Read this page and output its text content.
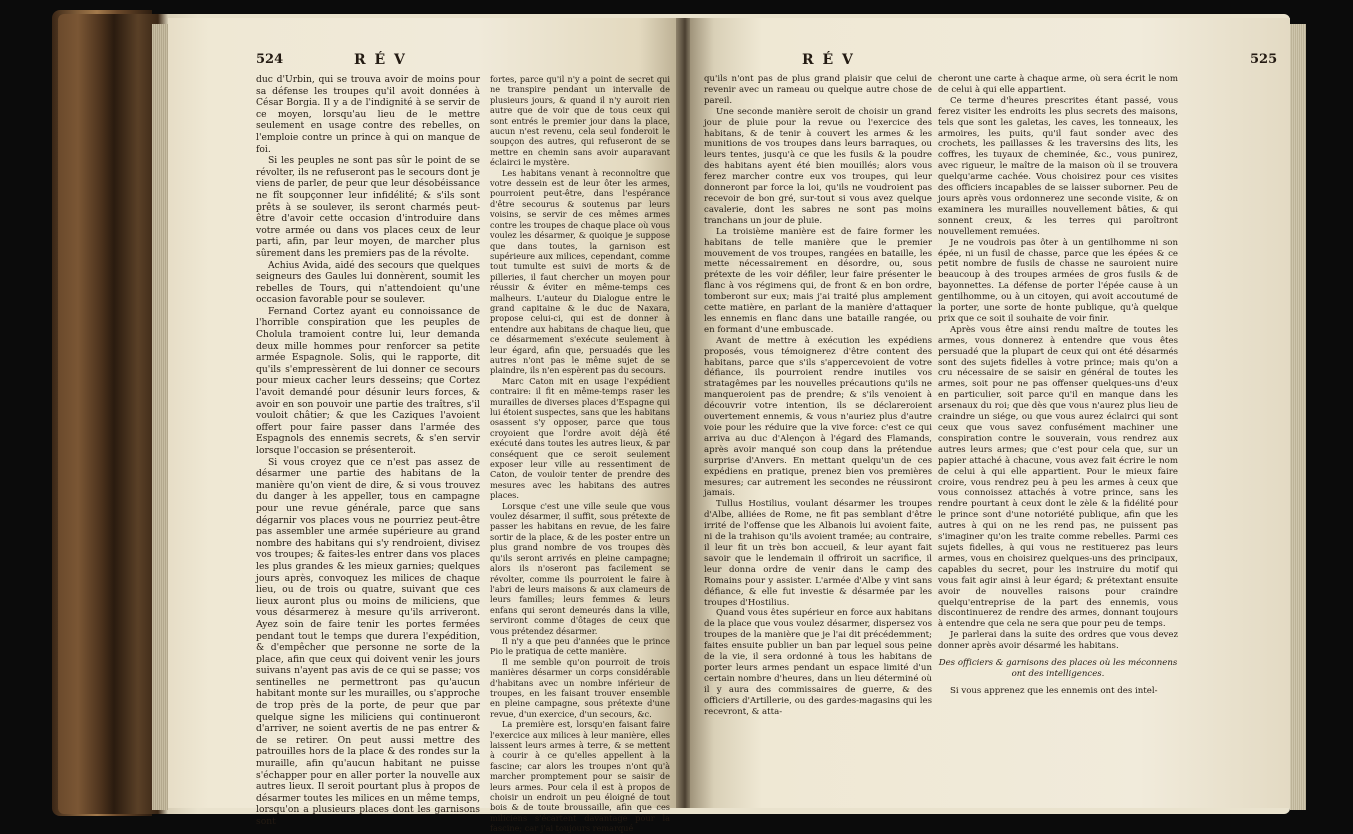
524	R É V

duc d'Urbin, qui se trouva avoir de moins pour sa défense les troupes qu'il avoit données à César Borgia. Il y a de l'indignité à se servir de ce moyen, lorsqu'au lieu de le mettre seulement en usage contre des rebelles, on l'emploie contre un prince à qui on manque de foi.

Si les peuples ne sont pas sûr le point de se révolter, ils ne refuseront pas le secours dont je viens de parler, de peur que leur désobéissance ne fît soupçonner leur infidélité; & s'ils sont prêts à se soulever, ils seront charmés peut-être d'avoir cette occasion d'introduire dans votre armée ou dans vos places ceux de leur parti, afin, par leur moyen, de marcher plus sûrement dans les premiers pas de la révolte.

Achius Avida, aidé des secours que quelques seigneurs des Gaules lui donnèrent, soumit les rebelles de Tours, qui n'attendoient qu'une occasion favorable pour se soulever.

Fernand Cortez ayant eu connoissance de l'horrible conspiration que les peuples de Cholula tramoient contre lui, leur demanda deux mille hommes pour renforcer sa petite armée Espagnole. Solis, qui le rapporte, dit qu'ils s'empressèrent de lui donner ce secours pour mieux cacher leurs desseins; que Cortez l'avoit demandé pour désunir leurs forces, & avoir en son pouvoir une partie des traîtres, s'il vouloit châtier; & que les Caziques l'avoient offert pour faire passer dans l'armée des Espagnols des ennemis secrets, & s'en servir lorsque l'occasion se présenteroit.

Si vous croyez que ce n'est pas assez de désarmer une partie des habitans de la manière qu'on vient de dire, & si vous trouvez du danger à les appeller, tous en campagne pour une revue générale, parce que sans dégarnir vos places vous ne pourriez peut-être pas assembler une armée supérieure au grand nombre des habitans qui s'y rendroient, divisez vos troupes; & faites-les entrer dans vos places les plus grandes & les mieux garnies; quelques jours après, convoquez les milices de chaque lieu, ou de trois ou quatre, suivant que ces lieux auront plus ou moins de miliciens, que vous désarmerez à mesure qu'ils arriveront. Ayez soin de faire tenir les portes fermées pendant tout le temps que durera l'expédition, & d'empêcher que personne ne sorte de la place, afin que ceux qui doivent venir les jours suivans n'ayent pas avis de ce qui se passe; vos sentinelles ne permettront pas qu'aucun habitant monte sur les murailles, ou s'approche de trop près de la porte, de peur que par quelque signe les miliciens qui continueront d'arriver, ne soient avertis de ne pas entrer & de se retirer. On peut aussi mettre des patrouilles hors de la place & des rondes sur la muraille, afin qu'aucun habitant ne puisse s'échapper pour en aller porter la nouvelle aux autres lieux. Il seroit pourtant plus à propos de désarmer toutes les milices en un même temps, lorsqu'on a plusieurs places dont les garnisons sont

fortes, parce qu'il n'y a point de secret qui ne transpire pendant un intervalle de plusieurs jours, & quand il n'y auroit rien autre que de voir que de tous ceux qui sont entrés le premier jour dans la place, aucun n'est revenu, cela seul fonderoit le soupçon des autres, qui refuseront de se mettre en chemin sans avoir auparavant éclairci le mystère.

Les habitans venant à reconnoître que votre dessein est de leur ôter les armes, pourroient peut-être, dans l'espérance d'être secourus & soutenus par leurs voisins, se servir de ces mêmes armes contre les troupes de chaque place où vous voulez les désarmer, & quoique je suppose que dans toutes, la garnison est supérieure aux milices, cependant, comme tout tumulte est suivi de morts & de pilleries, il faut chercher un moyen pour réussir & éviter en même-temps ces malheurs. L'auteur du Dialogue entre le grand capitaine & le duc de Naxara, propose celui-ci, qui est de donner à entendre aux habitans de chaque lieu, que ce désarmement s'exécute seulement à leur égard, afin que, persuadés que les autres n'ont pas le même sujet de se plaindre, ils n'en espèrent pas du secours.

Marc Caton mit en usage l'expédient contraire: il fit en même-temps raser les murailles de diverses places d'Espagne qui lui étoient suspectes, sans que les habitans osassent s'y opposer, parce que tous croyoient que l'ordre avoit déjà été exécuté dans toutes les autres lieux, & par conséquent que ce seroit seulement exposer leur ville au ressentiment de Caton, de vouloir tenter de prendre des mesures avec les habitans des autres places.

Lorsque c'est une ville seule que vous voulez désarmer, il suffit, sous prétexte de passer les habitans en revue, de les faire sortir de la place, & de les poster entre un plus grand nombre de vos troupes dès qu'ils seront arrivés en pleine campagne; alors ils n'oseront pas facilement se révolter, comme ils pourroient le faire à l'abri de leurs maisons & aux clameurs de leurs familles; leurs femmes & leurs enfans qui seront demeurés dans la ville, serviront comme d'ôtages de ceux que vous prétendez désarmer.

Il n'y a que peu d'années que le prince Pio le pratiqua de cette manière.

Il me semble qu'on pourroit de trois manières désarmer un corps considérable d'habitans avec un nombre inférieur de troupes, en les faisant trouver ensemble en pleine campagne, sous prétexte d'une revue, d'un exercice, d'un secours, &c.

La première est, lorsqu'en faisant faire l'exercice aux milices à leur manière, elles laissent leurs armes à terre, & se mettent à courir à ce qu'elles appellent à la fascine; car alors les troupes n'ont qu'à marcher promptement pour se saisir de leurs armes. Pour cela il est à propos de choisir un endroit un peu éloigné de tout bois & de toute broussaille, afin que ces miliciens s'écartent davantage pour la fascine; car j'ai toujours remarqué

R É V	525

qu'ils n'ont pas de plus grand plaisir que celui de revenir avec un rameau ou quelque autre chose de pareil.

Une seconde manière seroit de choisir un grand jour de pluie pour la revue ou l'exercice des habitans, & de tenir à couvert les armes & les munitions de vos troupes dans leurs barraques, ou leurs tentes, jusqu'à ce que les fusils & la poudre des habitans ayent été bien mouillés; alors vous ferez marcher contre eux vos troupes, qui leur donneront par force la loi, qu'ils ne voudroient pas recevoir de bon gré, sur-tout si vous avez quelque cavalerie, dont les sabres ne sont pas moins tranchans un jour de pluie.

La troisième manière est de faire former les habitans de telle manière que le premier mouvement de vos troupes, rangées en bataille, les mette nécessairement en désordre, ou, sous prétexte de les voir défiler, leur faire présenter le flanc à vos régimens qui, de front & en bon ordre, tomberont sur eux; mais j'ai traité plus amplement cette matière, en parlant de la manière d'attaquer les ennemis en flanc dans une bataille rangée, ou en formant d'une embuscade.

Avant de mettre à exécution les expédiens proposés, vous témoignerez d'être content des habitans, parce que s'ils s'appercevoient de votre défiance, ils pourroient rendre inutiles vos stratagêmes par les nouvelles précautions qu'ils ne manqueroient pas de prendre; & s'ils venoient à découvrir votre intention, ils se déclareroient ouvertement ennemis, & vous n'auriez plus d'autre voie pour les réduire que la vive force: c'est ce qui arriva au duc d'Alençon à l'égard des Flamands, après avoir manqué son coup dans la prétendue surprise d'Anvers. En mettant quelqu'un de ces expédiens en pratique, prenez bien vos premières mesures; car autrement les secondes ne réussiront jamais.

Tullus Hostilius, voulant désarmer les troupes d'Albe, alliées de Rome, ne fit pas semblant d'être irrité de l'offense que les Albanois lui avoient faite, ni de la trahison qu'ils avoient tramée; au contraire, il leur fit un très bon accueil, & leur ayant fait savoir que le lendemain il offriroit un sacrifice, il leur donna ordre de venir dans le camp des Romains pour y assister. L'armée d'Albe y vint sans défiance, & elle fut investie & désarmée par les troupes d'Hostilius.

Quand vous êtes supérieur en force aux habitans de la place que vous voulez désarmer, dispersez vos troupes de la manière que je l'ai dit précédemment; faites ensuite publier un ban par lequel sous peine de la vie, il sera ordonné à tous les habitans de porter leurs armes pendant un espace limité d'un certain nombre d'heures, dans un lieu déterminé où il y aura des commissaires de guerre, & des officiers d'Artillerie, ou des gardes-magasins qui les recevront, & atta-

cheront une carte à chaque arme, où sera écrit le nom de celui à qui elle appartient.

Ce terme d'heures prescrites étant passé, vous ferez visiter les endroits les plus secrets des maisons, tels que sont les galetas, les caves, les tonneaux, les armoires, les puits, qu'il faut sonder avec des crochets, les paillasses & les traversins des lits, les coffres, les tuyaux de cheminée, &c., vous punirez, avec rigueur, le maître de la maison où il se trouvera quelqu'arme cachée. Vous choisirez pour ces visites des officiers incapables de se laisser suborner. Peu de jours après vous ordonnerez une seconde visite, & on examinera les murailles nouvellement bâties, & qui sonnent creux, & les terres qui paroîtront nouvellement remuées.

Je ne voudrois pas ôter à un gentilhomme ni son épée, ni un fusil de chasse, parce que les épées & ce petit nombre de fusils de chasse ne sauroient nuire beaucoup à des troupes armées de gros fusils & de bayonnettes. La défense de porter l'épée cause à un gentilhomme, ou à un citoyen, qui avoit accoutumé de la porter, une sorte de honte publique, qu'à quelque prix que ce soit il souhaite de voir finir.

Après vous être ainsi rendu maître de toutes les armes, vous donnerez à entendre que vous êtes persuadé que la plupart de ceux qui ont été désarmés sont des sujets fidelles à votre prince; mais qu'on a cru nécessaire de se saisir en général de toutes les armes, soit pour ne pas offenser quelques-uns d'eux en particulier, soit parce qu'il en manque dans les arsenaux du roi; que dès que vous n'aurez plus lieu de craindre un siége, ou que vous aurez éclairci qui sont ceux que vous savez confusément machiner une conspiration contre le souverain, vous rendrez aux autres leurs armes; que c'est pour cela que, sur un papier attaché à chacune, vous avez fait écrire le nom de celui à qui elle appartient. Pour le mieux faire croire, vous rendrez peu à peu les armes à ceux que vous connoissez attachés à votre prince, sans les rendre pourtant à ceux dont le zèle & la fidélité pour le prince sont d'une notoriété publique, afin que les autres à qui on ne les rend pas, ne puissent pas s'imaginer qu'on les traite comme rebelles. Parmi ces sujets fidelles, à qui vous ne restituerez pas leurs armes, vous en choisirez quelques-uns des principaux, capables du secret, pour les instruire du motif qui vous fait agir ainsi à leur égard; & prétextant ensuite avoir de nouvelles raisons pour craindre quelqu'entreprise de la part des ennemis, vous discontinuerez de rendre des armes, donnant toujours à entendre que cela ne sera que pour peu de temps.

Je parlerai dans la suite des ordres que vous devez donner après avoir désarmé les habitans.

Des officiers & garnisons des places où les méconnens ont des intelligences.

Si vous apprenez que les ennemis ont des intel-
